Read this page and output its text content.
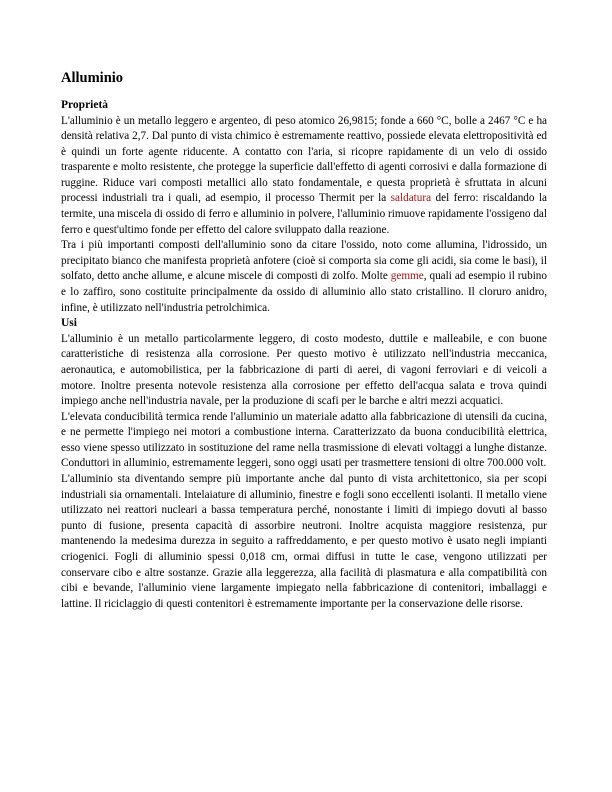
Alluminio
Proprietà

L'alluminio è un metallo leggero e argenteo, di peso atomico 26,9815; fonde a 660 °C, bolle a 2467 °C e ha densità relativa 2,7. Dal punto di vista chimico è estremamente reattivo, possiede elevata elettropositività ed è quindi un forte agente riducente. A contatto con l'aria, si ricopre rapidamente di un velo di ossido trasparente e molto resistente, che protegge la superficie dall'effetto di agenti corrosivi e dalla formazione di ruggine. Riduce vari composti metallici allo stato fondamentale, e questa proprietà è sfruttata in alcuni processi industriali tra i quali, ad esempio, il processo Thermit per la saldatura del ferro: riscaldando la termite, una miscela di ossido di ferro e alluminio in polvere, l'alluminio rimuove rapidamente l'ossigeno dal ferro e quest'ultimo fonde per effetto del calore sviluppato dalla reazione.

Tra i più importanti composti dell'alluminio sono da citare l'ossido, noto come allumina, l'idrossido, un precipitato bianco che manifesta proprietà anfotere (cioè si comporta sia come gli acidi, sia come le basi), il solfato, detto anche allume, e alcune miscele di composti di zolfo. Molte gemme, quali ad esempio il rubino e lo zaffiro, sono costituite principalmente da ossido di alluminio allo stato cristallino. Il cloruro anidro, infine, è utilizzato nell'industria petrolchimica.

Usi

L'alluminio è un metallo particolarmente leggero, di costo modesto, duttile e malleabile, e con buone caratteristiche di resistenza alla corrosione. Per questo motivo è utilizzato nell'industria meccanica, aeronautica, e automobilistica, per la fabbricazione di parti di aerei, di vagoni ferroviari e di veicoli a motore. Inoltre presenta notevole resistenza alla corrosione per effetto dell'acqua salata e trova quindi impiego anche nell'industria navale, per la produzione di scafi per le barche e altri mezzi acquatici.

L'elevata conducibilità termica rende l'alluminio un materiale adatto alla fabbricazione di utensili da cucina, e ne permette l'impiego nei motori a combustione interna. Caratterizzato da buona conducibilità elettrica, esso viene spesso utilizzato in sostituzione del rame nella trasmissione di elevati voltaggi a lunghe distanze. Conduttori in alluminio, estremamente leggeri, sono oggi usati per trasmettere tensioni di oltre 700.000 volt.

L'alluminio sta diventando sempre più importante anche dal punto di vista architettonico, sia per scopi industriali sia ornamentali. Intelaiature di alluminio, finestre e fogli sono eccellenti isolanti. Il metallo viene utilizzato nei reattori nucleari a bassa temperatura perché, nonostante i limiti di impiego dovuti al basso punto di fusione, presenta capacità di assorbire neutroni. Inoltre acquista maggiore resistenza, pur mantenendo la medesima durezza in seguito a raffreddamento, e per questo motivo è usato negli impianti criogenici. Fogli di alluminio spessi 0,018 cm, ormai diffusi in tutte le case, vengono utilizzati per conservare cibo e altre sostanze. Grazie alla leggerezza, alla facilità di plasmatura e alla compatibilità con cibi e bevande, l'alluminio viene largamente impiegato nella fabbricazione di contenitori, imballaggi e lattine. Il riciclaggio di questi contenitori è estremamente importante per la conservazione delle risorse.
